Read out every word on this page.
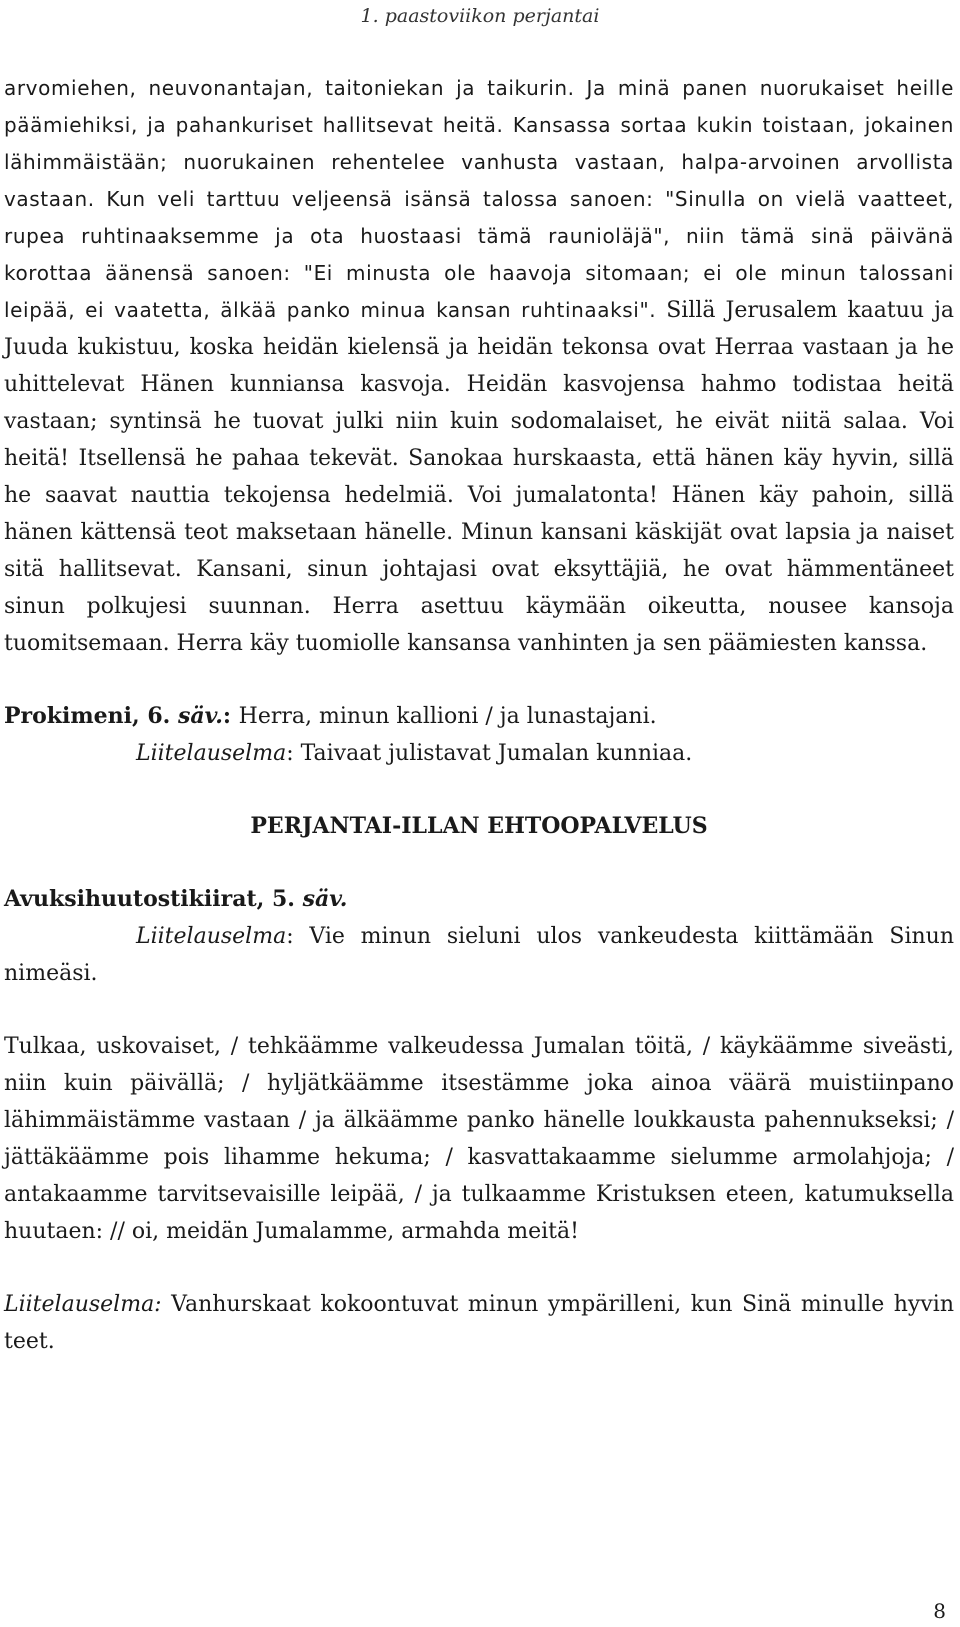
1. paastoviikon perjantai

arvomiehen, neuvonantajan, taitoniekan ja taikurin. Ja minä panen nuorukaiset heille päämiehiksi, ja pahankuriset hallitsevat heitä. Kansassa sortaa kukin toistaan, jokainen lähimmäistään; nuorukainen rehentelee vanhusta vastaan, halpa-arvoinen arvollista vastaan. Kun veli tarttuu veljeensä isänsä talossa sanoen: "Sinulla on vielä vaatteet, rupea ruhtinaaksemme ja ota huostaasi tämä raunioläjä", niin tämä sinä päivänä korottaa äänensä sanoen: "Ei minusta ole haavoja sitomaan; ei ole minun talossani leipää, ei vaatetta, älkää panko minua kansan ruhtinaaksi". Sillä Jerusalem kaatuu ja Juuda kukistuu, koska heidän kielensä ja heidän tekonsa ovat Herraa vastaan ja he uhittelevat Hänen kunniansa kasvoja. Heidän kasvojensa hahmo todistaa heitä vastaan; syntinsä he tuovat julki niin kuin sodomalaiset, he eivät niitä salaa. Voi heitä! Itsellensä he pahaa tekevät. Sanokaa hurskaasta, että hänen käy hyvin, sillä he saavat nauttia tekojensa hedelmiä. Voi jumalatonta! Hänen käy pahoin, sillä hänen kättensä teot maksetaan hänelle. Minun kansani käskijät ovat lapsia ja naiset sitä hallitsevat. Kansani, sinun johtajasi ovat eksyttäjiä, he ovat hämmentäneet sinun polkujesi suunnan. Herra asettuu käymään oikeutta, nousee kansoja tuomitsemaan. Herra käy tuomiolle kansansa vanhinten ja sen päämiesten kanssa.

Prokimeni, 6. säv.: Herra, minun kallioni / ja lunastajani.

Liitelauselma: Taivaat julistavat Jumalan kunniaa.

PERJANTAI-ILLAN EHTOOPALVELUS

Avuksihuutostikiirat, 5. säv.

Liitelauselma: Vie minun sieluni ulos vankeudesta kiittämään Sinun nimeäsi.

Tulkaa, uskovaiset, / tehkäämme valkeudessa Jumalan töitä, / käykäämme siveästi, niin kuin päivällä; / hyljätkäämme itsestämme joka ainoa väärä muistiinpano lähimmäistämme vastaan / ja älkäämme panko hänelle loukkausta pahennukseksi; / jättäkäämme pois lihamme hekuma; / kasvattakaamme sielumme armolahjoja; / antakaamme tarvitsevaisille leipää, / ja tulkaamme Kristuksen eteen, katumuksella huutaen: // oi, meidän Jumalamme, armahda meitä!

Liitelauselma: Vanhurskaat kokoontuvat minun ympärilleni, kun Sinä minulle hyvin teet.

8
